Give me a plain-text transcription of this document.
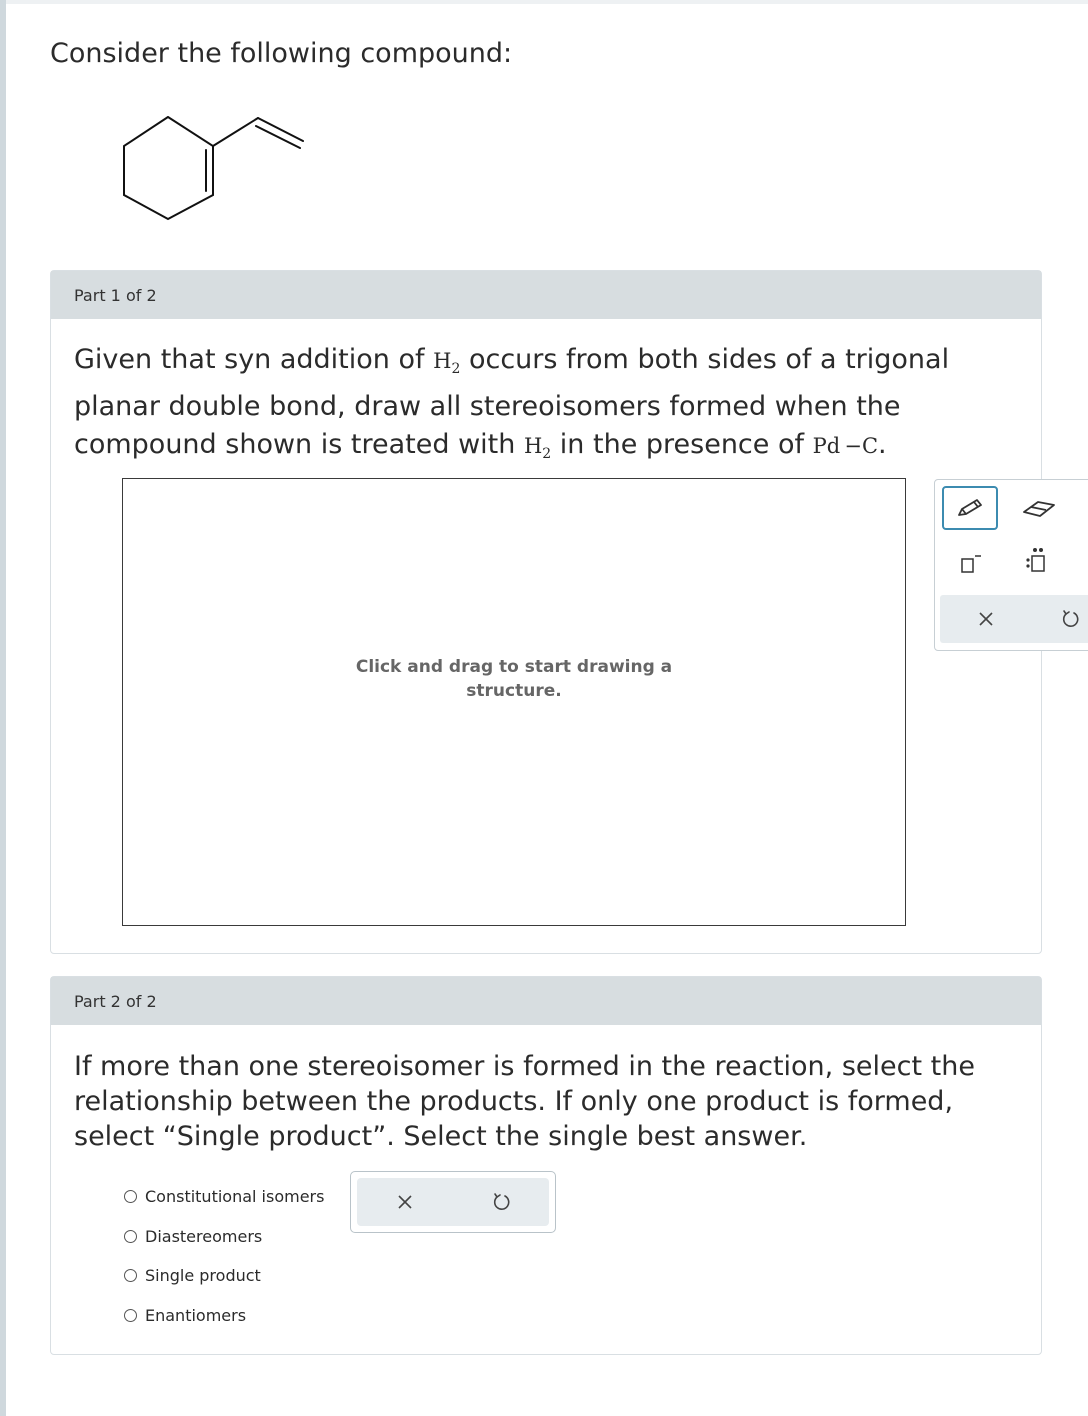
Consider the following compound:
Part 1 of 2
Given that syn addition of $H_2$ occurs from both sides of a trigonal planar double bond, draw all stereoisomers formed when the compound shown is treated with $H_2$ in the presence of Pd −C.
Click and drag to start drawing a
structure.
Part 2 of 2
If more than one stereoisomer is formed in the reaction, select the relationship between the products. If only one product is formed, select “Single product”. Select the single best answer.
Constitutional isomers
Diastereomers
Single product
Enantiomers
